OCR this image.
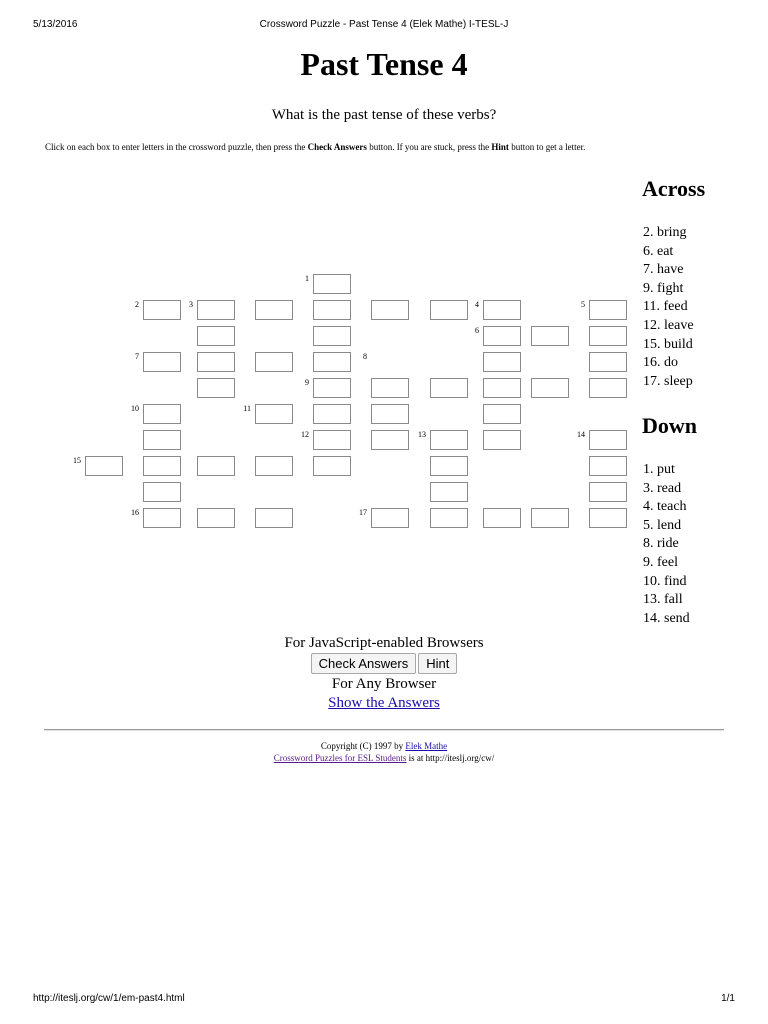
5/13/2016	Crossword Puzzle - Past Tense 4 (Elek Mathe) I-TESL-J
Past Tense 4
What is the past tense of these verbs?
Click on each box to enter letters in the crossword puzzle, then press the Check Answers button. If you are stuck, press the Hint button to get a letter.
1
2	3	4	5
6
7	8
9
10	11
12	13	14
15
16	17
Across
2. bring
6. eat
7. have
9. fight
11. feed
12. leave
15. build
16. do
17. sleep
Down
1. put
3. read
4. teach
5. lend
8. ride
9. feel
10. find
13. fall
14. send
For JavaScript-enabled Browsers
Check Answers	Hint
For Any Browser
Show the Answers
Copyright (C) 1997 by Elek Mathe
Crossword Puzzles for ESL Students is at http://iteslj.org/cw/
http://iteslj.org/cw/1/em-past4.html	1/1
